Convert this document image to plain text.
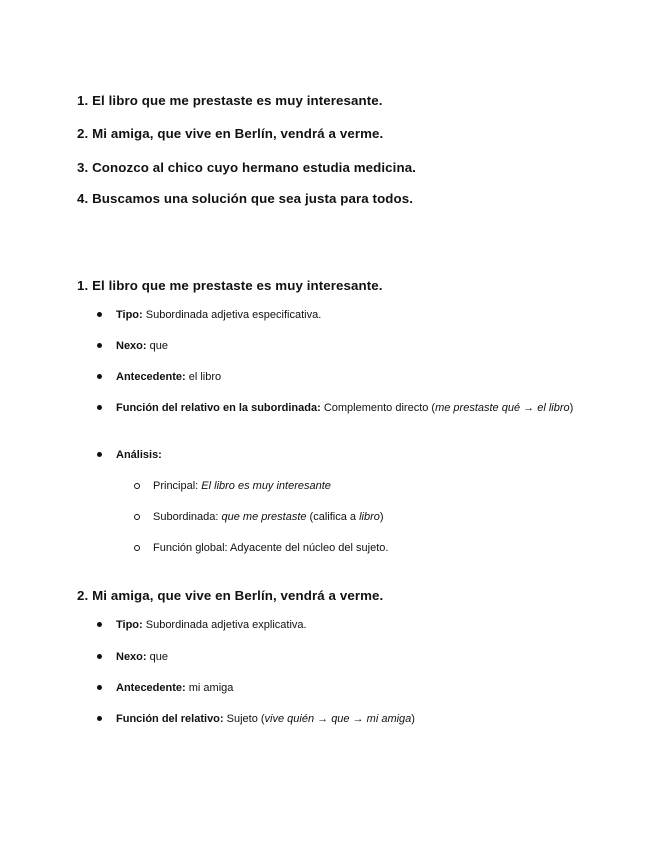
1. El libro que me prestaste es muy interesante.
2. Mi amiga, que vive en Berlín, vendrá a verme.
3. Conozco al chico cuyo hermano estudia medicina.
4. Buscamos una solución que sea justa para todos.
1. El libro que me prestaste es muy interesante.
Tipo: Subordinada adjetiva especificativa.
Nexo: que
Antecedente: el libro
Función del relativo en la subordinada: Complemento directo (me prestaste qué → el libro)
Análisis:
Principal: El libro es muy interesante
Subordinada: que me prestaste (califica a libro)
Función global: Adyacente del núcleo del sujeto.
2. Mi amiga, que vive en Berlín, vendrá a verme.
Tipo: Subordinada adjetiva explicativa.
Nexo: que
Antecedente: mi amiga
Función del relativo: Sujeto (vive quién → que → mi amiga)
